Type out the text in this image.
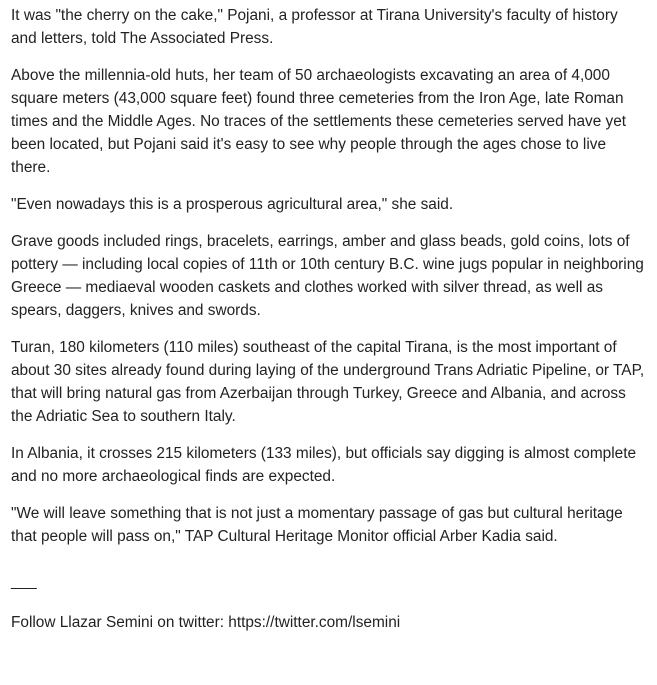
It was "the cherry on the cake," Pojani, a professor at Tirana University's faculty of history and letters, told The Associated Press.

Above the millennia-old huts, her team of 50 archaeologists excavating an area of 4,000 square meters (43,000 square feet) found three cemeteries from the Iron Age, late Roman times and the Middle Ages. No traces of the settlements these cemeteries served have yet been located, but Pojani said it's easy to see why people through the ages chose to live there.

"Even nowadays this is a prosperous agricultural area," she said.

Grave goods included rings, bracelets, earrings, amber and glass beads, gold coins, lots of pottery — including local copies of 11th or 10th century B.C. wine jugs popular in neighboring Greece — mediaeval wooden caskets and clothes worked with silver thread, as well as spears, daggers, knives and swords.

Turan, 180 kilometers (110 miles) southeast of the capital Tirana, is the most important of about 30 sites already found during laying of the underground Trans Adriatic Pipeline, or TAP, that will bring natural gas from Azerbaijan through Turkey, Greece and Albania, and across the Adriatic Sea to southern Italy.

In Albania, it crosses 215 kilometers (133 miles), but officials say digging is almost complete and no more archaeological finds are expected.

"We will leave something that is not just a momentary passage of gas but cultural heritage that people will pass on," TAP Cultural Heritage Monitor official Arber Kadia said.

___

Follow Llazar Semini on twitter: https://twitter.com/lsemini
